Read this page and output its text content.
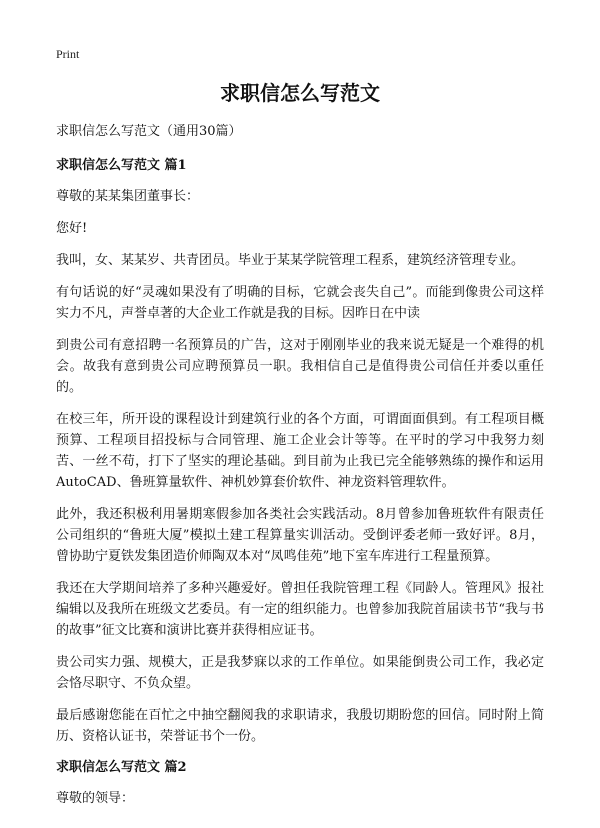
Print
求职信怎么写范文
求职信怎么写范文（通用30篇）
求职信怎么写范文 篇1

尊敬的某某集团董事长：

您好!

我叫，女、某某岁、共青团员。毕业于某某学院管理工程系，建筑经济管理专业。

有句话说的好“灵魂如果没有了明确的目标，它就会丧失自己”。而能到像贵公司这样实力不凡，声誉卓著的大企业工作就是我的目标。因昨日在中读

到贵公司有意招聘一名预算员的广告，这对于刚刚毕业的我来说无疑是一个难得的机会。故我有意到贵公司应聘预算员一职。我相信自己是值得贵公司信任并委以重任的。

在校三年，所开设的课程设计到建筑行业的各个方面，可谓面面俱到。有工程项目概预算、工程项目招投标与合同管理、施工企业会计等等。在平时的学习中我努力刻苦、一丝不苟，打下了坚实的理论基础。到目前为止我已完全能够熟练的操作和运用AutoCAD、鲁班算量软件、神机妙算套价软件、神龙资料管理软件。

此外，我还积极利用暑期寒假参加各类社会实践活动。8月曾参加鲁班软件有限责任公司组织的“鲁班大厦”模拟土建工程算量实训活动。受倒评委老师一致好评。8月，曾协助宁夏铁发集团造价师陶双本对“凤鸣佳苑”地下室车库进行工程量预算。

我还在大学期间培养了多种兴趣爱好。曾担任我院管理工程《同龄人。管理风》报社编辑以及我所在班级文艺委员。有一定的组织能力。也曾参加我院首届读书节“我与书的故事”征文比赛和演讲比赛并获得相应证书。

贵公司实力强、规模大，正是我梦寐以求的工作单位。如果能倒贵公司工作，我必定会恪尽职守、不负众望。

最后感谢您能在百忙之中抽空翻阅我的求职请求，我殷切期盼您的回信。同时附上简历、资格认证书，荣誉证书个一份。

求职信怎么写范文 篇2

尊敬的领导：
